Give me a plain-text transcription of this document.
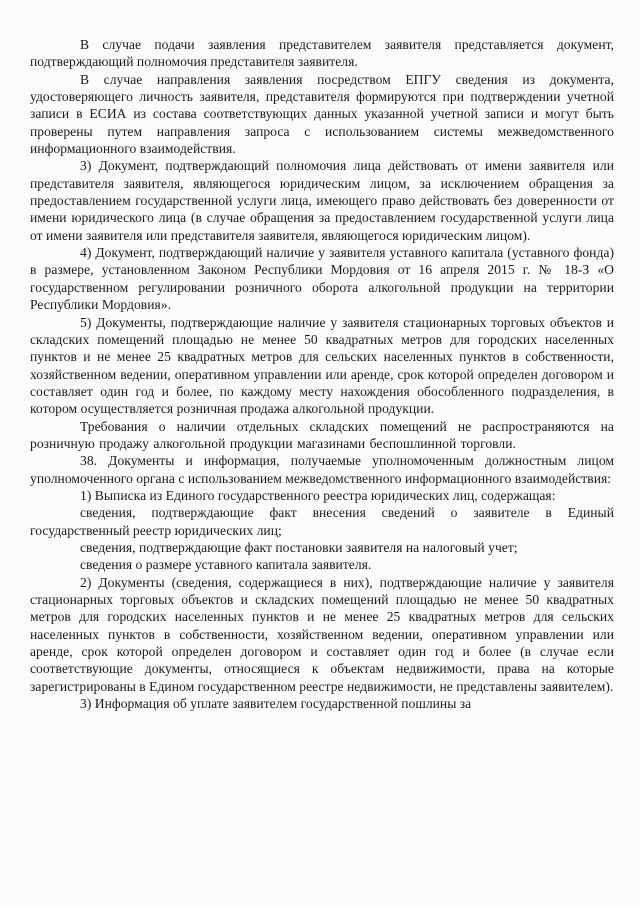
В случае подачи заявления представителем заявителя представляется документ, подтверждающий полномочия представителя заявителя.

В случае направления заявления посредством ЕПГУ сведения из документа, удостоверяющего личность заявителя, представителя формируются при подтверждении учетной записи в ЕСИА из состава соответствующих данных указанной учетной записи и могут быть проверены путем направления запроса с использованием системы межведомственного информационного взаимодействия.

3) Документ, подтверждающий полномочия лица действовать от имени заявителя или представителя заявителя, являющегося юридическим лицом, за исключением обращения за предоставлением государственной услуги лица, имеющего право действовать без доверенности от имени юридического лица (в случае обращения за предоставлением государственной услуги лица от имени заявителя или представителя заявителя, являющегося юридическим лицом).

4) Документ, подтверждающий наличие у заявителя уставного капитала (уставного фонда) в размере, установленном Законом Республики Мордовия от 16 апреля 2015 г. № 18-З «О государственном регулировании розничного оборота алкогольной продукции на территории Республики Мордовия».

5) Документы, подтверждающие наличие у заявителя стационарных торговых объектов и складских помещений площадью не менее 50 квадратных метров для городских населенных пунктов и не менее 25 квадратных метров для сельских населенных пунктов в собственности, хозяйственном ведении, оперативном управлении или аренде, срок которой определен договором и составляет один год и более, по каждому месту нахождения обособленного подразделения, в котором осуществляется розничная продажа алкогольной продукции.

Требования о наличии отдельных складских помещений не распространяются на розничную продажу алкогольной продукции магазинами беспошлинной торговли.

38. Документы и информация, получаемые уполномоченным должностным лицом уполномоченного органа с использованием межведомственного информационного взаимодействия:

1) Выписка из Единого государственного реестра юридических лиц, содержащая:

сведения, подтверждающие факт внесения сведений о заявителе в Единый государственный реестр юридических лиц;

сведения, подтверждающие факт постановки заявителя на налоговый учет;

сведения о размере уставного капитала заявителя.

2) Документы (сведения, содержащиеся в них), подтверждающие наличие у заявителя стационарных торговых объектов и складских помещений площадью не менее 50 квадратных метров для городских населенных пунктов и не менее 25 квадратных метров для сельских населенных пунктов в собственности, хозяйственном ведении, оперативном управлении или аренде, срок которой определен договором и составляет один год и более (в случае если соответствующие документы, относящиеся к объектам недвижимости, права на которые зарегистрированы в Едином государственном реестре недвижимости, не представлены заявителем).

3) Информация об уплате заявителем государственной пошлины за
